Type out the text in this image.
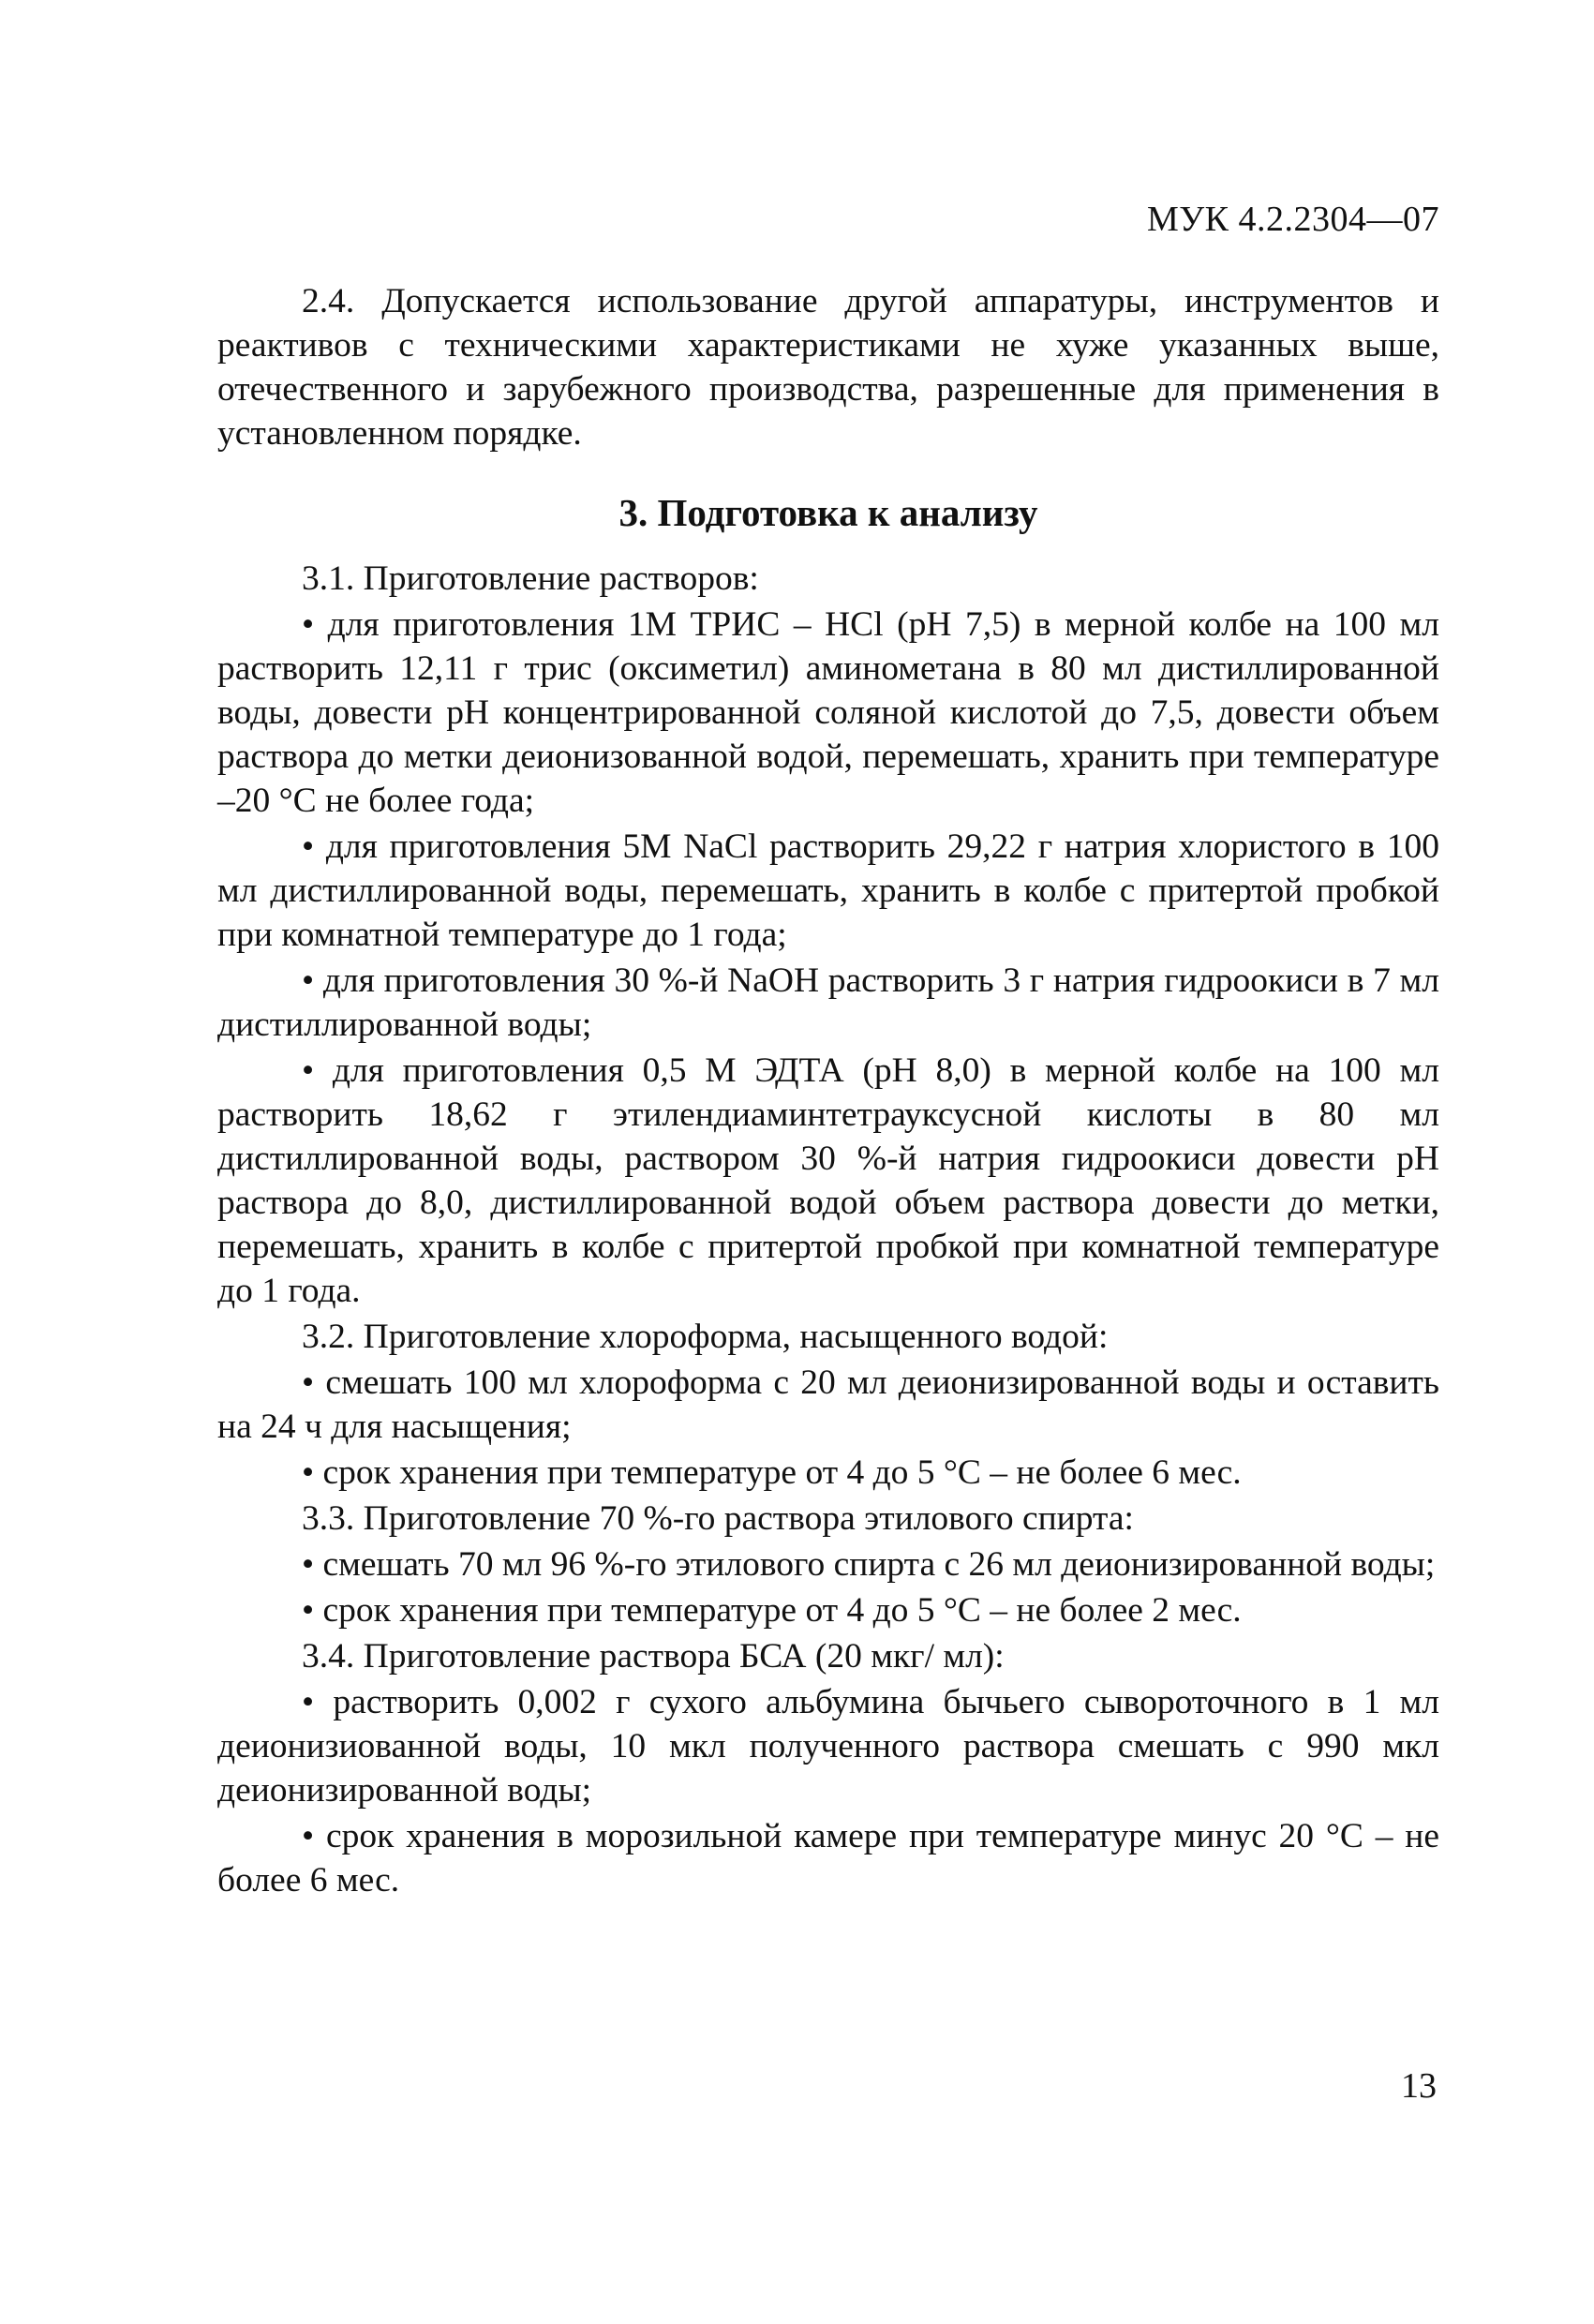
МУК 4.2.2304—07

2.4. Допускается использование другой аппаратуры, инструментов и реактивов с техническими характеристиками не хуже указанных выше, отечественного и зарубежного производства, разрешенные для применения в установленном порядке.

3. Подготовка к анализу

3.1. Приготовление растворов:

• для приготовления 1М ТРИС – HCl (pH 7,5) в мерной колбе на 100 мл растворить 12,11 г трис (оксиметил) аминометана в 80 мл дистиллированной воды, довести pH концентрированной соляной кислотой до 7,5, довести объем раствора до метки деионизованной водой, перемешать, хранить при температуре –20 °С не более года;

• для приготовления 5М NaCl растворить 29,22 г натрия хлористого в 100 мл дистиллированной воды, перемешать, хранить в колбе с притертой пробкой при комнатной температуре до 1 года;

• для приготовления 30 %-й NaOH растворить 3 г натрия гидроокиси в 7 мл дистиллированной воды;

• для приготовления 0,5 М ЭДТА (pH 8,0) в мерной колбе на 100 мл растворить 18,62 г этилендиаминтетрауксусной кислоты в 80 мл дистиллированной воды, раствором 30 %-й натрия гидроокиси довести pH раствора до 8,0, дистиллированной водой объем раствора довести до метки, перемешать, хранить в колбе с притертой пробкой при комнатной температуре до 1 года.

3.2. Приготовление хлороформа, насыщенного водой:

• смешать 100 мл хлороформа с 20 мл деионизированной воды и оставить на 24 ч для насыщения;

• срок хранения при температуре от 4 до 5 °С – не более 6 мес.

3.3. Приготовление 70 %-го раствора этилового спирта:

• смешать 70 мл 96 %-го этилового спирта с 26 мл деионизированной воды;

• срок хранения при температуре от 4 до 5 °С – не более 2 мес.

3.4. Приготовление раствора БСА (20 мкг/ мл):

• растворить 0,002 г сухого альбумина бычьего сывороточного в 1 мл деионизиованной воды, 10 мкл полученного раствора смешать с 990 мкл деионизированной воды;

• срок хранения в морозильной камере при температуре минус 20 °С – не более 6 мес.

13
